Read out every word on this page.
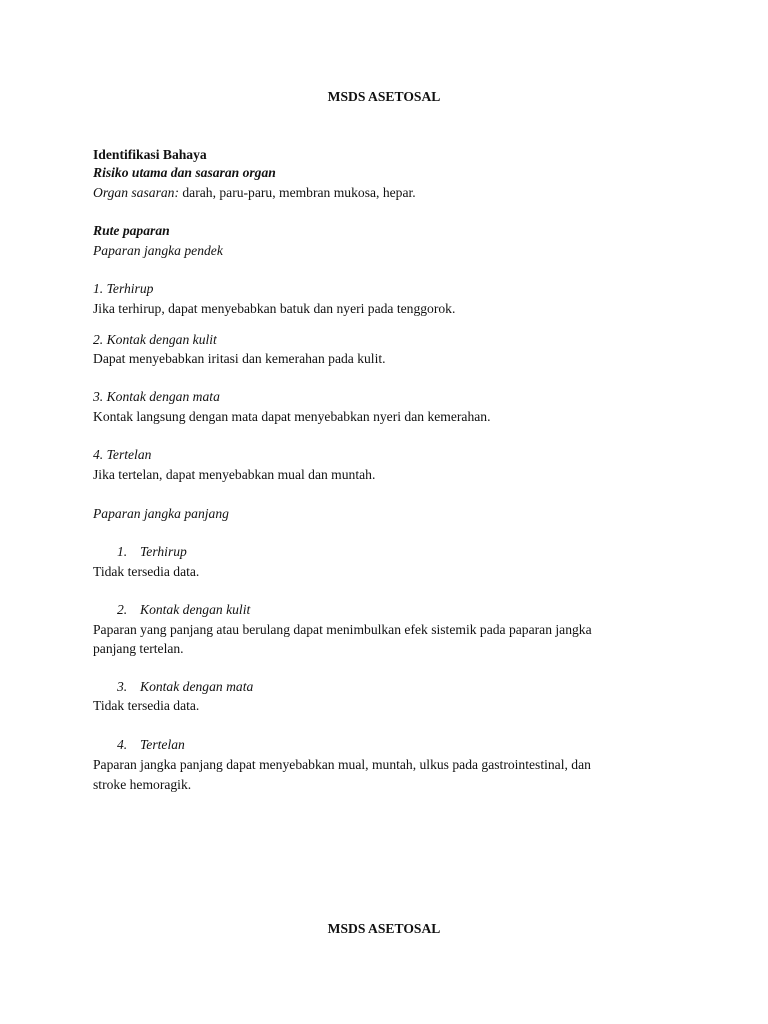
MSDS ASETOSAL
Identifikasi Bahaya
Risiko utama dan sasaran organ
Organ sasaran: darah, paru-paru, membran mukosa, hepar.
Rute paparan
Paparan jangka pendek
1. Terhirup
Jika terhirup, dapat menyebabkan batuk dan nyeri pada tenggorok.
2. Kontak dengan kulit
Dapat menyebabkan iritasi dan kemerahan pada kulit.
3. Kontak dengan mata
Kontak langsung dengan mata dapat menyebabkan nyeri dan kemerahan.
4. Tertelan
Jika tertelan, dapat menyebabkan mual dan muntah.
Paparan jangka panjang
1. Terhirup
Tidak tersedia data.
2. Kontak dengan kulit
Paparan yang panjang atau berulang dapat menimbulkan efek sistemik pada paparan jangka
panjang tertelan.
3. Kontak dengan mata
Tidak tersedia data.
4. Tertelan
Paparan jangka panjang dapat menyebabkan mual, muntah, ulkus pada gastrointestinal, dan
stroke hemoragik.
MSDS ASETOSAL
